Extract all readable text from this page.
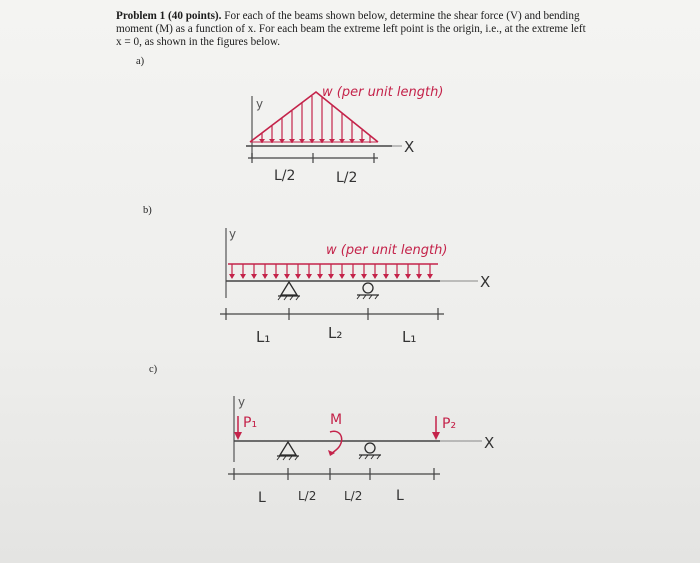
Problem 1 (40 points). For each of the beams shown below, determine the shear force (V) and bending
moment (M) as a function of x. For each beam the extreme left point is the origin, i.e., at the extreme left
x = 0, as shown in the figures below.
a)
b)
c)
y
X
w (per unit length)
L/2	L/2
y
X
w (per unit length)
L₁	L₂	L₁
y
X
P₁	M	P₂
L	L/2 L/2 L
